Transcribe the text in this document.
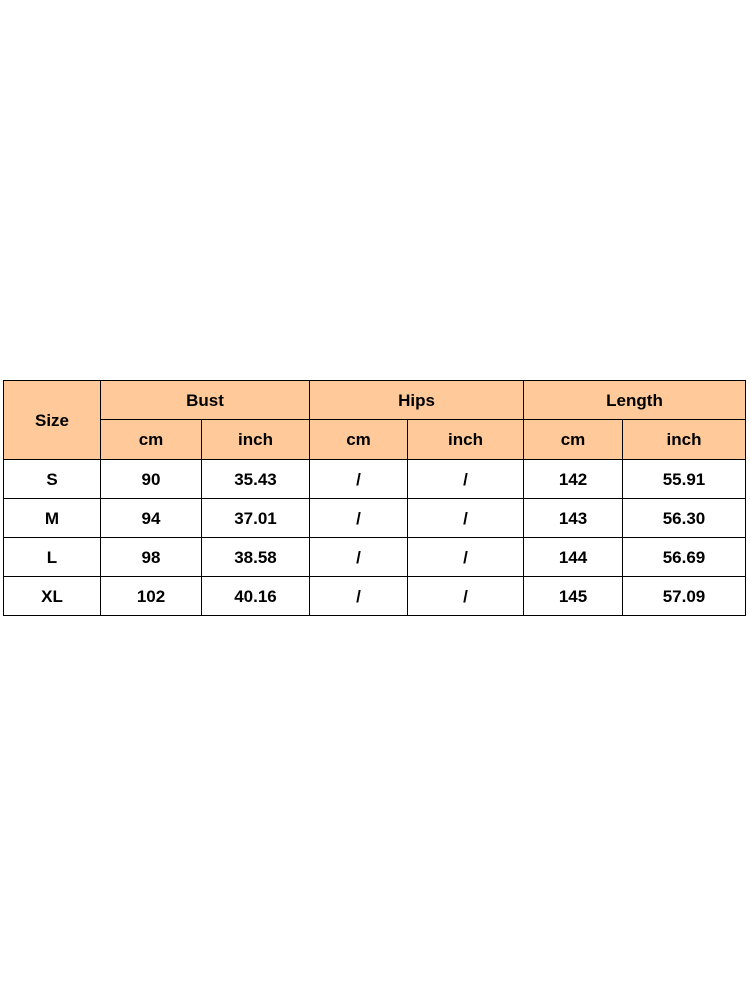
Size	Bust		Hips		Length	
	cm	inch	cm	inch	cm	inch
S	90	35.43	/	/	142	55.91
M	94	37.01	/	/	143	56.30
L	98	38.58	/	/	144	56.69
XL	102	40.16	/	/	145	57.09
